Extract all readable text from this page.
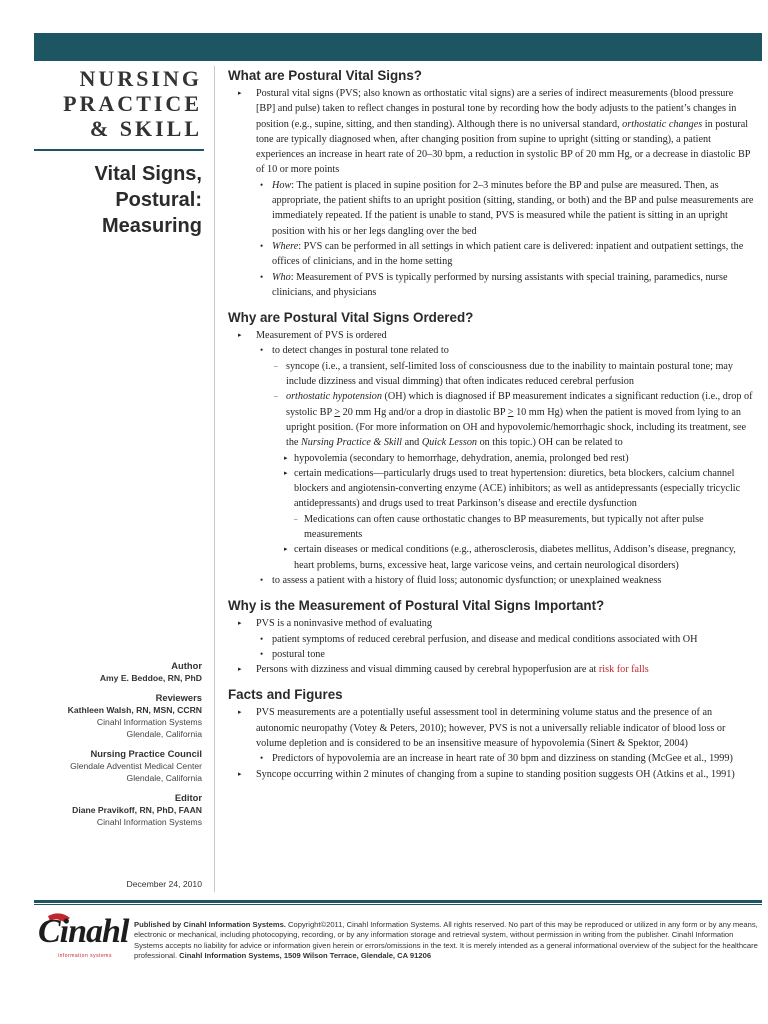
NURSING
PRACTICE
& SKILL
Vital Signs,
Postural:
Measuring
Author
Amy E. Beddoe, RN, PhD
Reviewers
Kathleen Walsh, RN, MSN, CCRN
Cinahl Information Systems
Glendale, California
Nursing Practice Council
Glendale Adventist Medical Center
Glendale, California
Editor
Diane Pravikoff, RN, PhD, FAAN
Cinahl Information Systems
December 24, 2010
What are Postural Vital Signs?
▸ Postural vital signs (PVS; also known as orthostatic vital signs) are a series of indirect measurements (blood pressure [BP] and pulse) taken to reflect changes in postural tone by recording how the body adjusts to the patient’s changes in position (e.g., supine, sitting, and then standing). Although there is no universal standard, orthostatic changes in postural tone are typically diagnosed when, after changing position from supine to upright (sitting or standing), a patient experiences an increase in heart rate of 20–30 bpm, a reduction in systolic BP of 20 mm Hg, or a decrease in diastolic BP of 10 or more points
• How: The patient is placed in supine position for 2–3 minutes before the BP and pulse are measured. Then, as appropriate, the patient shifts to an upright position (sitting, standing, or both) and the BP and pulse measurements are immediately repeated. If the patient is unable to stand, PVS is measured while the patient is sitting in an upright position with his or her legs dangling over the bed
• Where: PVS can be performed in all settings in which patient care is delivered: inpatient and outpatient settings, the offices of clinicians, and in the home setting
• Who: Measurement of PVS is typically performed by nursing assistants with special training, paramedics, nurse clinicians, and physicians
Why are Postural Vital Signs Ordered?
▸ Measurement of PVS is ordered
• to detect changes in postural tone related to
– syncope (i.e., a transient, self-limited loss of consciousness due to the inability to maintain postural tone; may include dizziness and visual dimming) that often indicates reduced cerebral perfusion
– orthostatic hypotension (OH) which is diagnosed if BP measurement indicates a significant reduction (i.e., drop of systolic BP > 20 mm Hg and/or a drop in diastolic BP > 10 mm Hg) when the patient is moved from lying to an upright position. (For more information on OH and hypovolemic/hemorrhagic shock, including its treatment, see the Nursing Practice & Skill and Quick Lesson on this topic.) OH can be related to
▸ hypovolemia (secondary to hemorrhage, dehydration, anemia, prolonged bed rest)
▸ certain medications—particularly drugs used to treat hypertension: diuretics, beta blockers, calcium channel blockers and angiotensin-converting enzyme (ACE) inhibitors; as well as antidepressants (especially tricyclic antidepressants) and drugs used to treat Parkinson’s disease and erectile dysfunction
– Medications can often cause orthostatic changes to BP measurements, but typically not after pulse measurements
▸ certain diseases or medical conditions (e.g., atherosclerosis, diabetes mellitus, Addison’s disease, pregnancy, heart problems, burns, excessive heat, large varicose veins, and certain neurological disorders)
• to assess a patient with a history of fluid loss; autonomic dysfunction; or unexplained weakness
Why is the Measurement of Postural Vital Signs Important?
▸ PVS is a noninvasive method of evaluating
• patient symptoms of reduced cerebral perfusion, and disease and medical conditions associated with OH
• postural tone
▸ Persons with dizziness and visual dimming caused by cerebral hypoperfusion are at risk for falls
Facts and Figures
▸ PVS measurements are a potentially useful assessment tool in determining volume status and the presence of an autonomic neuropathy (Votey & Peters, 2010); however, PVS is not a universally reliable indicator of blood loss or volume depletion and is considered to be an insensitive measure of hypovolemia (Sinert & Spektor, 2004)
• Predictors of hypovolemia are an increase in heart rate of 30 bpm and dizziness on standing (McGee et al., 1999)
▸ Syncope occurring within 2 minutes of changing from a supine to standing position suggests OH (Atkins et al., 1991)
Cinahl
information systems
Published by Cinahl Information Systems. Copyright©2011, Cinahl Information Systems. All rights reserved. No part of this may be reproduced or utilized in any form or by any means, electronic or mechanical, including photocopying, recording, or by any information storage and retrieval system, without permission in writing from the publisher. Cinahl Information Systems accepts no liability for advice or information given herein or errors/omissions in the text. It is merely intended as a general informational overview of the subject for the healthcare professional. Cinahl Information Systems, 1509 Wilson Terrace, Glendale, CA 91206
